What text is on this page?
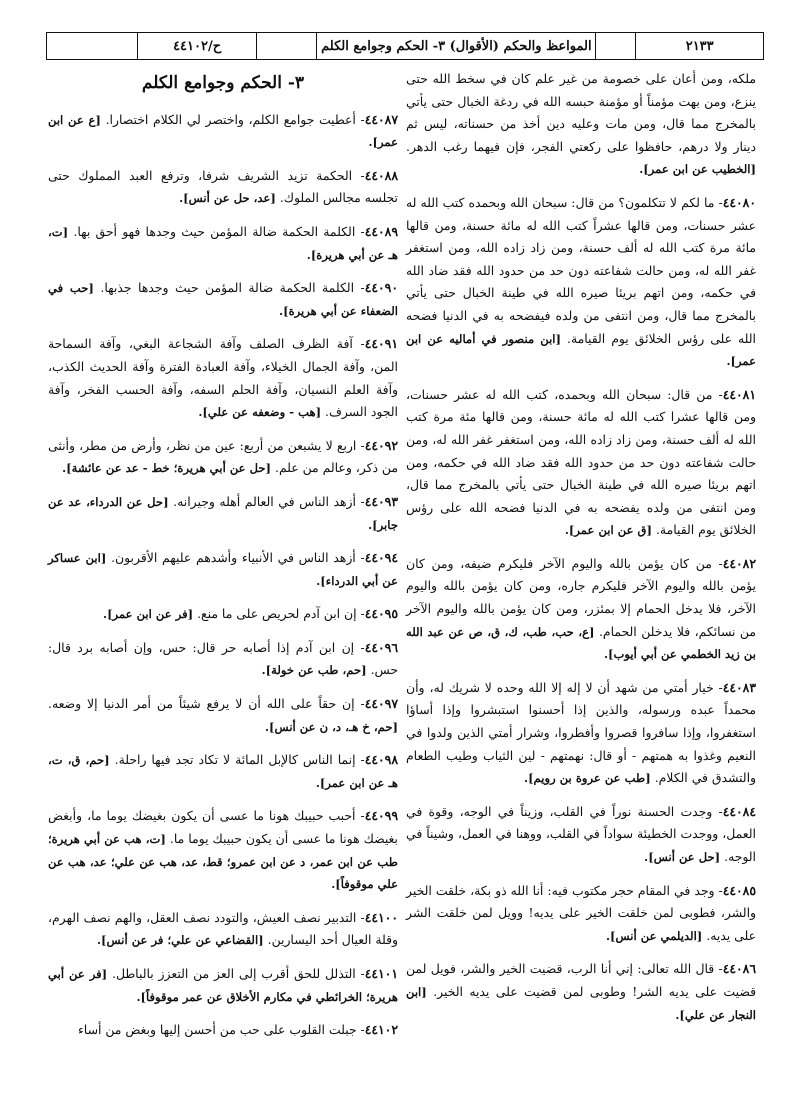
٢١٣٣
المواعظ والحكم (الأقوال) ٣- الحكم وجوامع الكلم
ح/٤٤١٠٢

ملكه، ومن أعان على خصومة من غير علم كان في سخط الله حتى ينزع، ومن بهت مؤمناً أو مؤمنة حبسه الله في ردغة الخبال حتى يأتي بالمخرج مما قال، ومن مات وعليه دين أخذ من حسناته، ليس ثم دينار ولا درهم، حافظوا على ركعتي الفجر، فإن فيهما رغب الدهر. [الخطيب عن ابن عمر].

٤٤٠٨٠- ما لكم لا تتكلمون؟ من قال: سبحان الله وبحمده كتب الله له عشر حسنات، ومن قالها عشراً كتب الله له مائة حسنة، ومن قالها مائة مرة كتب الله له ألف حسنة، ومن زاد زاده الله، ومن استغفر غفر الله له، ومن حالت شفاعته دون حد من حدود الله فقد ضاد الله في حكمه، ومن اتهم بريئا صيره الله في طينة الخبال حتى يأتي بالمخرج مما قال، ومن انتفى من ولده فيفضحه به في الدنيا فضحه الله على رؤس الخلائق يوم القيامة. [ابن منصور في أماليه عن ابن عمر].

٤٤٠٨١- من قال: سبحان الله وبحمده، كتب الله له عشر حسنات، ومن قالها عشرا كتب الله له مائة حسنة، ومن قالها مئة مرة كتب الله له ألف حسنة، ومن زاد زاده الله، ومن استغفر غفر الله له، ومن حالت شفاعته دون حد من حدود الله فقد ضاد الله في حكمه، ومن اتهم بريئا صيره الله في طينة الخبال حتى يأتي بالمخرج مما قال، ومن انتفى من ولده يفضحه به في الدنيا فضحه الله على رؤس الخلائق يوم القيامة. [ق عن ابن عمر].

٤٤٠٨٢- من كان يؤمن بالله واليوم الآخر فليكرم ضيفه، ومن كان يؤمن بالله واليوم الآخر فليكرم جاره، ومن كان يؤمن بالله واليوم الآخر، فلا يدخل الحمام إلا بمئزر، ومن كان يؤمن بالله واليوم الآخر من نسائكم، فلا يدخلن الحمام. [ع، حب، طب، ك، ق، ص عن عبد الله بن زيد الخطمي عن أبي أيوب].

٤٤٠٨٣- خيار أمتي من شهد أن لا إله إلا الله وحده لا شريك له، وأن محمداً عبده ورسوله، والذين إذا أحسنوا استبشروا وإذا أساؤا استغفروا، وإذا سافروا قصروا وأفطروا، وشرار أمتي الذين ولدوا في النعيم وغذوا به همتهم - أو قال: نهمتهم - لين الثياب وطيب الطعام والتشدق في الكلام. [طب عن عروة بن رويم].

٤٤٠٨٤- وجدت الحسنة نوراً في القلب، وزيناً في الوجه، وقوة في العمل، ووجدت الخطيئة سواداً في القلب، ووهنا في العمل، وشيناً في الوجه. [حل عن أنس].

٤٤٠٨٥- وجد في المقام حجر مكتوب فيه: أنا الله ذو بكة، خلقت الخير والشر، فطوبى لمن خلقت الخير على يديه! وويل لمن خلقت الشر على يديه. [الديلمي عن أنس].

٤٤٠٨٦- قال الله تعالى: إني أنا الرب، قضيت الخير والشر، فويل لمن قضيت على يديه الشر! وطوبى لمن قضيت على يديه الخير. [ابن النجار عن علي].

٣- الحكم وجوامع الكلم

٤٤٠٨٧- أعطيت جوامع الكلم، واختصر لي الكلام اختصارا. [ع عن ابن عمر].

٤٤٠٨٨- الحكمة تزيد الشريف شرفا، وترفع العبد المملوك حتى تجلسه مجالس الملوك. [عد، حل عن أنس].

٤٤٠٨٩- الكلمة الحكمة ضالة المؤمن حيث وجدها فهو أحق بها. [ت، هـ عن أبي هريرة].

٤٤٠٩٠- الكلمة الحكمة ضالة المؤمن حيث وجدها جذبها. [حب في الضعفاء عن أبي هريرة].

٤٤٠٩١- آفة الظرف الصلف وآفة الشجاعة البغي، وآفة السماحة المن، وآفة الجمال الخيلاء، وآفة العبادة الفترة وآفة الحديث الكذب، وآفة العلم النسيان، وآفة الحلم السفه، وآفة الحسب الفخر، وآفة الجود السرف. [هب - وضعفه عن علي].

٤٤٠٩٢- اربع لا يشبعن من أربع: عين من نظر، وأرض من مطر، وأنثى من ذكر، وعالم من علم. [حل عن أبي هريرة؛ خط - عد عن عائشة].

٤٤٠٩٣- أزهد الناس في العالم أهله وجيرانه. [حل عن الدرداء، عد عن جابر].

٤٤٠٩٤- أزهد الناس في الأنبياء وأشدهم عليهم الأقربون. [ابن عساكر عن أبي الدرداء].

٤٤٠٩٥- إن ابن آدم لحريص على ما منع. [فر عن ابن عمر].

٤٤٠٩٦- إن ابن آدم إذا أصابه حر قال: حس، وإن أصابه برد قال: حس. [حم، طب عن خولة].

٤٤٠٩٧- إن حقاً على الله أن لا يرفع شيئاً من أمر الدنيا إلا وضعه. [حم، خ هـ، د، ن عن أنس].

٤٤٠٩٨- إنما الناس كالإبل المائة لا تكاد تجد فيها راحلة. [حم، ق، ت، هـ عن ابن عمر].

٤٤٠٩٩- أحبب حبيبك هونا ما عسى أن يكون بغيضك يوما ما، وأبغض بغيضك هونا ما عسى أن يكون حبيبك يوما ما. [ت، هب عن أبي هريرة؛ طب عن ابن عمر، د عن ابن عمرو؛ قط، عد، هب عن علي؛ عد، هب عن علي موقوفاً].

٤٤١٠٠- التدبير نصف العيش، والتودد نصف العقل، والهم نصف الهرم، وقلة العيال أحد اليسارين. [القضاعي عن علي؛ فر عن أنس].

٤٤١٠١- التذلل للحق أقرب إلى العز من التعزز بالباطل. [فر عن أبي هريرة؛ الخرائطي في مكارم الأخلاق عن عمر موقوفاً].

٤٤١٠٢- جبلت القلوب على حب من أحسن إليها وبغض من أساء
